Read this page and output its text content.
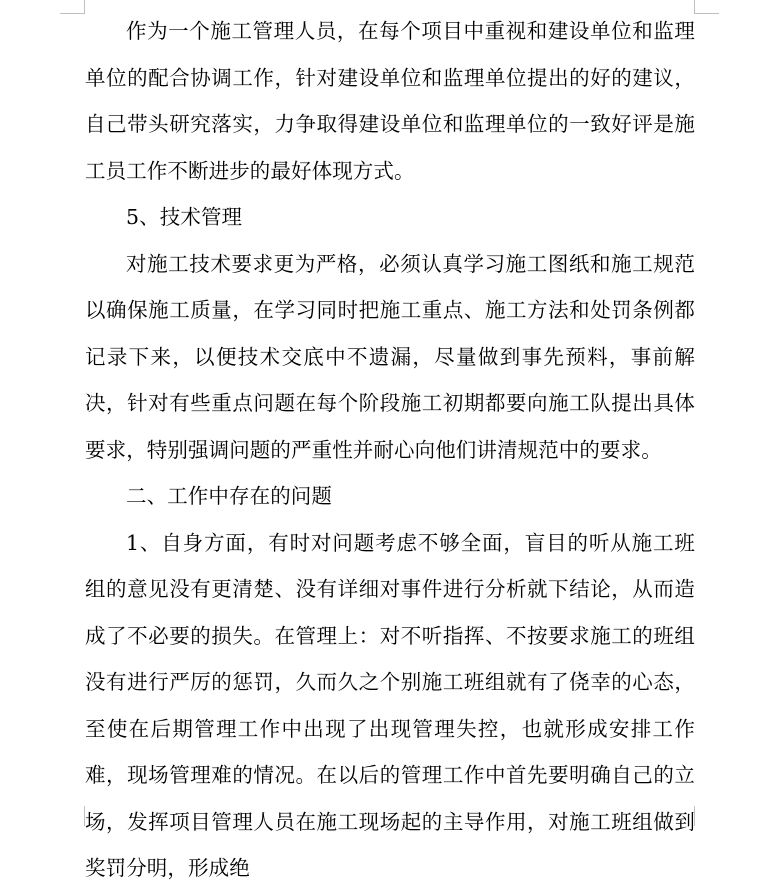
作为一个施工管理人员，在每个项目中重视和建设单位和监理单位的配合协调工作，针对建设单位和监理单位提出的好的建议，自己带头研究落实，力争取得建设单位和监理单位的一致好评是施工员工作不断进步的最好体现方式。

5、技术管理

对施工技术要求更为严格，必须认真学习施工图纸和施工规范以确保施工质量，在学习同时把施工重点、施工方法和处罚条例都记录下来，以便技术交底中不遗漏，尽量做到事先预料，事前解决，针对有些重点问题在每个阶段施工初期都要向施工队提出具体要求，特别强调问题的严重性并耐心向他们讲清规范中的要求。

二、工作中存在的问题

1、自身方面，有时对问题考虑不够全面，盲目的听从施工班组的意见没有更清楚、没有详细对事件进行分析就下结论，从而造成了不必要的损失。在管理上：对不听指挥、不按要求施工的班组没有进行严厉的惩罚，久而久之个别施工班组就有了侥幸的心态，至使在后期管理工作中出现了出现管理失控，也就形成安排工作难，现场管理难的情况。在以后的管理工作中首先要明确自己的立场，发挥项目管理人员在施工现场起的主导作用，对施工班组做到奖罚分明，形成绝
